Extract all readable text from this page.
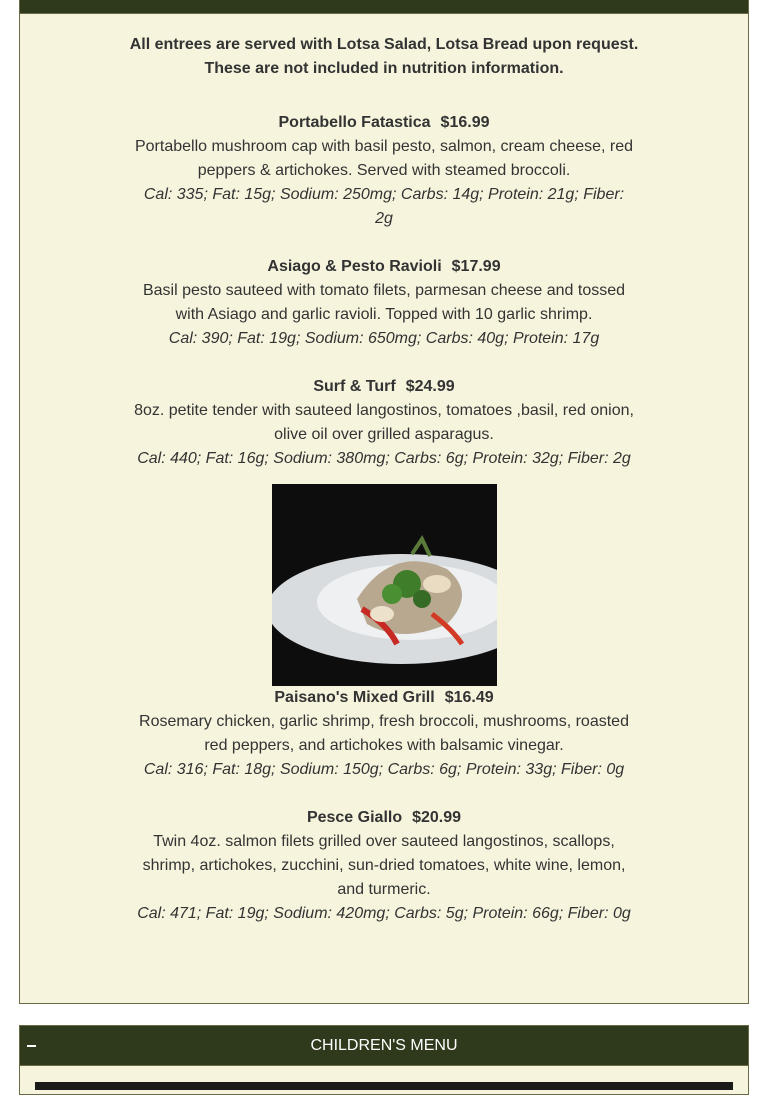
All entrees are served with Lotsa Salad, Lotsa Bread upon request.
These are not included in nutrition information.
Portabello Fatastica $16.99
Portabello mushroom cap with basil pesto, salmon, cream cheese, red peppers & artichokes. Served with steamed broccoli.
Cal: 335; Fat: 15g; Sodium: 250mg; Carbs: 14g; Protein: 21g; Fiber: 2g
Asiago & Pesto Ravioli $17.99
Basil pesto sauteed with tomato filets, parmesan cheese and tossed with Asiago and garlic ravioli. Topped with 10 garlic shrimp.
Cal: 390; Fat: 19g; Sodium: 650mg; Carbs: 40g; Protein: 17g
Surf & Turf $24.99
8oz. petite tender with sauteed langostinos, tomatoes ,basil, red onion, olive oil over grilled asparagus.
Cal: 440; Fat: 16g; Sodium: 380mg; Carbs: 6g; Protein: 32g; Fiber: 2g
Paisano's Mixed Grill $16.49
Rosemary chicken, garlic shrimp, fresh broccoli, mushrooms, roasted red peppers, and artichokes with balsamic vinegar.
Cal: 316; Fat: 18g; Sodium: 150g; Carbs: 6g; Protein: 33g; Fiber: 0g
Pesce Giallo $20.99
Twin 4oz. salmon filets grilled over sauteed langostinos, scallops, shrimp, artichokes, zucchini, sun-dried tomatoes, white wine, lemon, and turmeric.
Cal: 471; Fat: 19g; Sodium: 420mg; Carbs: 5g; Protein: 66g; Fiber: 0g
CHILDREN'S MENU
